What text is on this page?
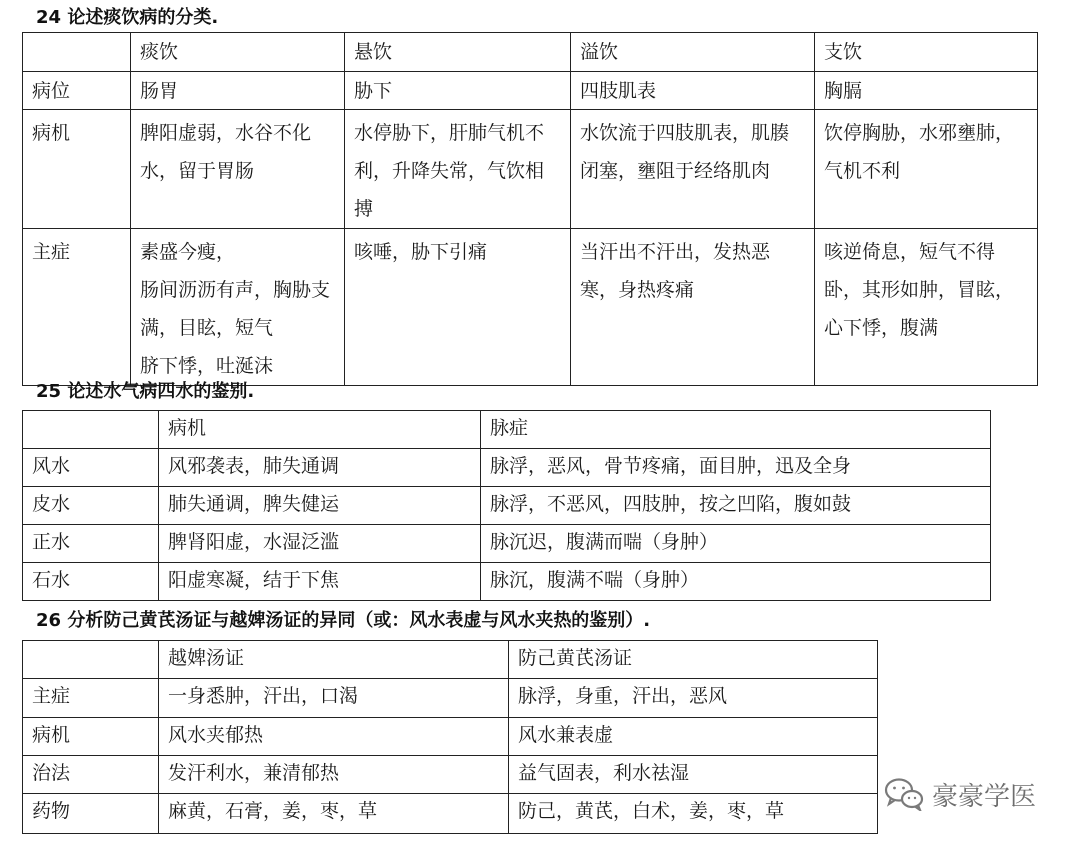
24 论述痰饮病的分类.
	痰饮	悬饮	溢饮	支饮
病位	肠胃	胁下	四肢肌表	胸膈
病机	脾阳虚弱，水谷不化水，留于胃肠	水停胁下，肝肺气机不利，升降失常，气饮相搏	水饮流于四肢肌表，肌腠闭塞，壅阻于经络肌肉	饮停胸胁，水邪壅肺，气机不利
主症	素盛今瘦，
肠间沥沥有声，胸胁支满，目眩，短气
脐下悸，吐涎沫	咳唾，胁下引痛	当汗出不汗出，发热恶寒，身热疼痛	咳逆倚息，短气不得卧，其形如肿，冒眩，心下悸，腹满
25 论述水气病四水的鉴别.
	病机	脉症
风水	风邪袭表，肺失通调	脉浮，恶风，骨节疼痛，面目肿，迅及全身
皮水	肺失通调，脾失健运	脉浮，不恶风，四肢肿，按之凹陷，腹如鼓
正水	脾肾阳虚，水湿泛滥	脉沉迟，腹满而喘（身肿）
石水	阳虚寒凝，结于下焦	脉沉，腹满不喘（身肿）
26 分析防己黄芪汤证与越婢汤证的异同（或：风水表虚与风水夹热的鉴别）.
	越婢汤证	防己黄芪汤证
主症	一身悉肿，汗出，口渴	脉浮，身重，汗出，恶风
病机	风水夹郁热	风水兼表虚
治法	发汗利水，兼清郁热	益气固表，利水祛湿
药物	麻黄，石膏，姜，枣，草	防己，黄芪，白术，姜，枣，草	豪豪学医
